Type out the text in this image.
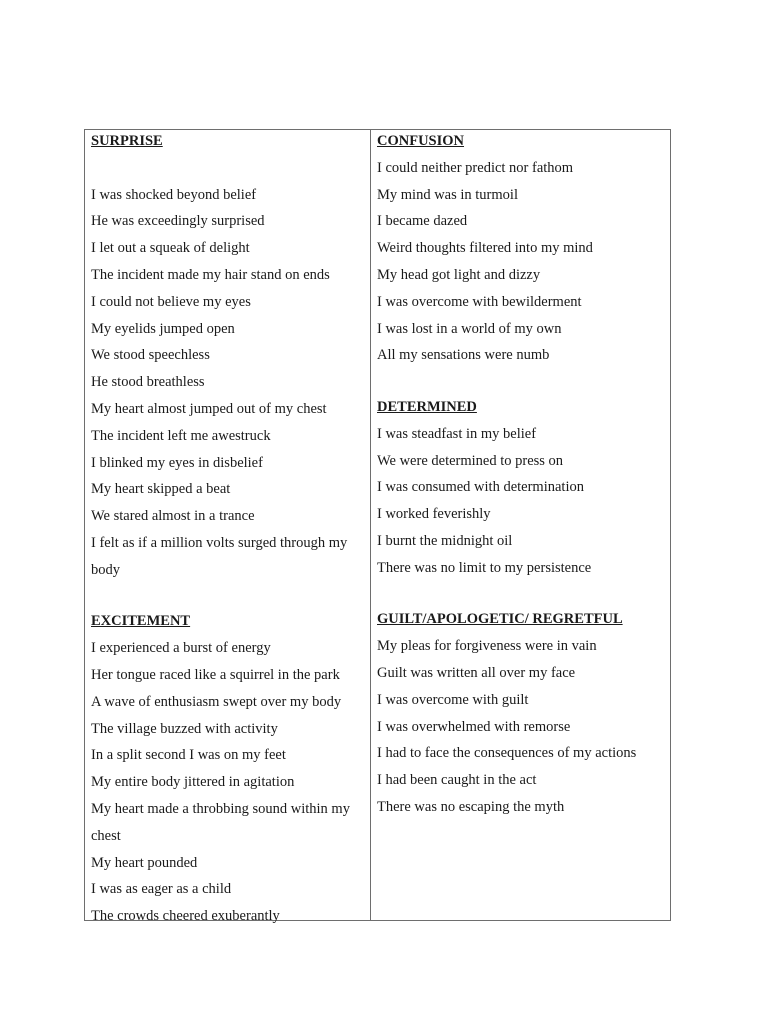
SURPRISE
I was shocked beyond belief
He was exceedingly surprised
I let out a squeak of delight
The incident made my hair stand on ends
I could not believe my eyes
My eyelids jumped open
We stood speechless
He stood breathless
My heart almost jumped out of my chest
The incident left me awestruck
I blinked my eyes in disbelief
My heart skipped a beat
We stared almost in a trance
I felt as if a million volts surged through my body
EXCITEMENT
I experienced a burst of energy
Her tongue raced like a squirrel in the park
A wave of enthusiasm swept over my body
The village buzzed with activity
In a split second I was on my feet
My entire body jittered in agitation
My heart made a throbbing sound within my chest
My heart pounded
I was as eager as a child
The crowds cheered exuberantly
CONFUSION
I could neither predict nor fathom
My mind was in turmoil
I became dazed
Weird thoughts filtered into my mind
My head got light and dizzy
I was overcome with bewilderment
I was lost in a world of my own
All my sensations were numb
DETERMINED
I was steadfast in my belief
We were determined to press on
I was consumed with determination
I worked feverishly
I burnt the midnight oil
There was no limit to my persistence
GUILT/APOLOGETIC/ REGRETFUL
My pleas for forgiveness were in vain
Guilt was written all over my face
I was overcome with guilt
I was overwhelmed with remorse
I had to face the consequences of my actions
I had been caught in the act
There was no escaping the myth
